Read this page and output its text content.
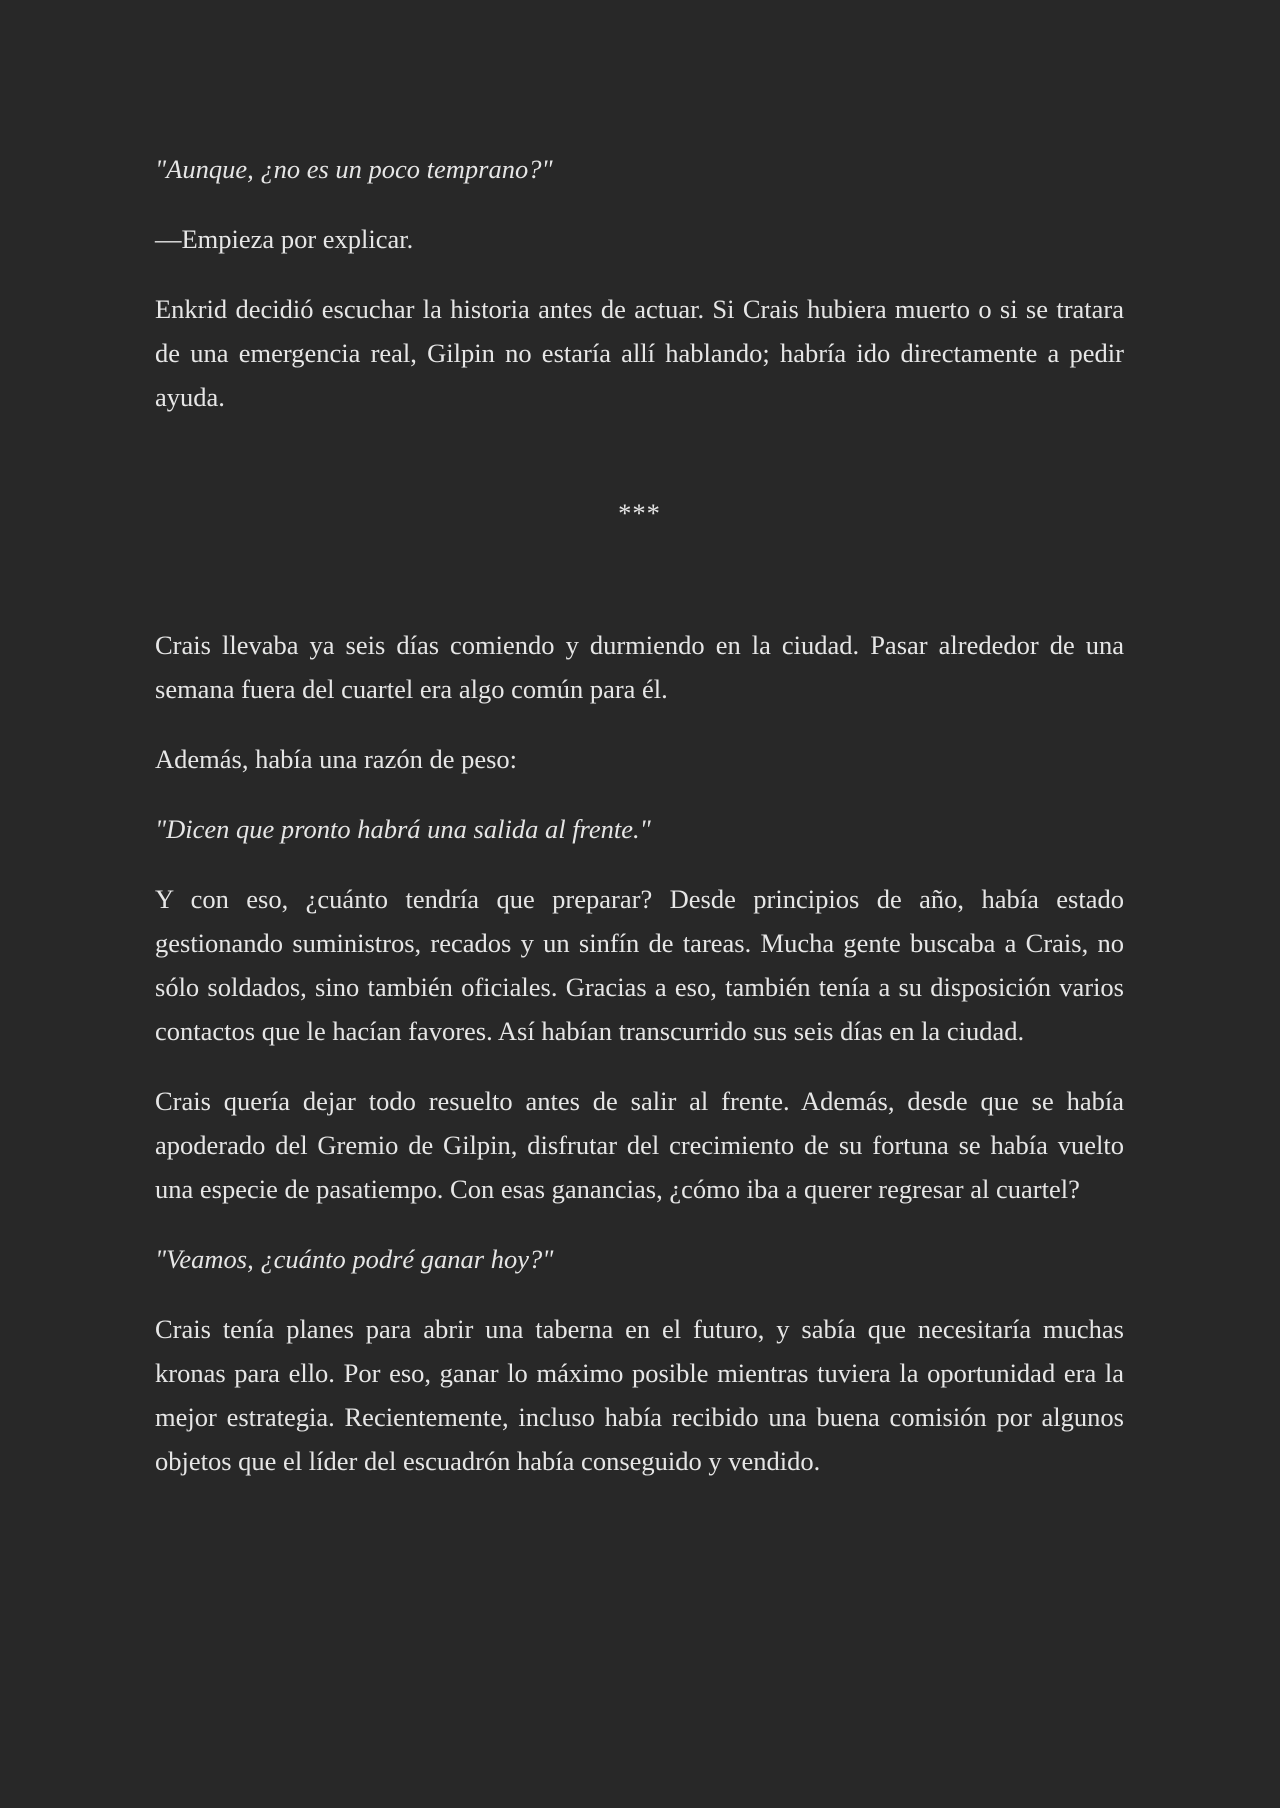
"Aunque, ¿no es un poco temprano?"

—Empieza por explicar.

Enkrid decidió escuchar la historia antes de actuar. Si Crais hubiera muerto o si se tratara de una emergencia real, Gilpin no estaría allí hablando; habría ido directamente a pedir ayuda.

***

Crais llevaba ya seis días comiendo y durmiendo en la ciudad. Pasar alrededor de una semana fuera del cuartel era algo común para él.

Además, había una razón de peso:

"Dicen que pronto habrá una salida al frente."

Y con eso, ¿cuánto tendría que preparar? Desde principios de año, había estado gestionando suministros, recados y un sinfín de tareas. Mucha gente buscaba a Crais, no sólo soldados, sino también oficiales. Gracias a eso, también tenía a su disposición varios contactos que le hacían favores. Así habían transcurrido sus seis días en la ciudad.

Crais quería dejar todo resuelto antes de salir al frente. Además, desde que se había apoderado del Gremio de Gilpin, disfrutar del crecimiento de su fortuna se había vuelto una especie de pasatiempo. Con esas ganancias, ¿cómo iba a querer regresar al cuartel?

"Veamos, ¿cuánto podré ganar hoy?"

Crais tenía planes para abrir una taberna en el futuro, y sabía que necesitaría muchas kronas para ello. Por eso, ganar lo máximo posible mientras tuviera la oportunidad era la mejor estrategia. Recientemente, incluso había recibido una buena comisión por algunos objetos que el líder del escuadrón había conseguido y vendido.
